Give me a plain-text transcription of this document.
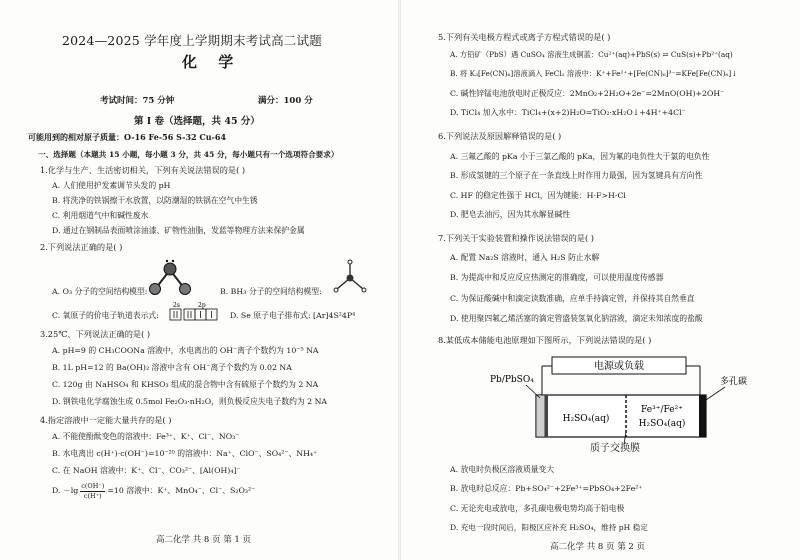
2024—2025 学年度上学期期末考试高二试题
化 学
考试时间：75 分钟	满分：100 分
第 Ⅰ 卷（选择题，共 45 分）
可能用到的相对原子质量：O-16 Fe-56 S-32 Cu-64
一、选择题（本题共 15 小题，每小题 3 分，共 45 分，每小题只有一个选项符合要求）
1.化学与生产、生活密切相关，下列有关说法错误的是( )
A. 人们使用护发素调节头发的 pH
B. 将洗净的铁锅擦干水放置，以防潮湿的铁锅在空气中生锈
C. 利用烟道气中和碱性废水
D. 通过在钢制品表面喷涂油漆、矿物性油脂，发蓝等物理方法来保护金属
2.下列说法正确的是( )
A. O₃ 分子的空间结构模型:	B. BH₃ 分子的空间结构模型:
C. 氧原子的价电子轨道表示式:
2s	2p
D. Se 原子电子排布式: [Ar]4S²4P⁴
3.25℃、下列说法正确的是( )
A. pH=9 的 CH₃COONa 溶液中，水电离出的 OH⁻离子个数约为 10⁻⁵ NA
B. 1L pH=12 的 Ba(OH)₂ 溶液中含有 OH⁻离子个数约为 0.02 NA
C. 120g 由 NaHSO₄ 和 KHSO₃ 组成的混合物中含有硫原子个数约为 2 NA
D. 钢铁电化学腐蚀生成 0.5mol Fe₂O₃·nH₂O，则负极反应失电子数约为 2 NA
4.指定溶液中一定能大量共存的是( )
A. 不能使酚酞变色的溶液中：Fe³⁺、K⁺、Cl⁻、NO₃⁻
B. 水电离出 c(H⁺)·c(OH⁻)=10⁻²⁰ 的溶液中：Na⁺、ClO⁻、SO₄²⁻、NH₄⁺
C. 在 NaOH 溶液中：K⁺、Cl⁻、CO₃²⁻、[Al(OH)₄]⁻
D. $-\lg \frac{c(OH^-)}{c(H^+)} =10$ 溶液中：K⁺、MnO₄⁻、Cl⁻、S₂O₃²⁻
高二化学 共 8 页 第 1 页
5.下列有关电极方程式或离子方程式错误的是( )
A. 方铅矿（PbS）遇 CuSO₄ 溶液生成铜蓝：Cu²⁺(aq)+PbS(s) ⇌ CuS(s)+Pb²⁺(aq)
B. 将 K₃[Fe(CN)₆]溶液滴入 FeCl₂ 溶液中：K⁺+Fe²⁺+[Fe(CN)₆]³⁻=KFe[Fe(CN)₆]↓
C. 碱性锌锰电池放电时正极反应：2MnO₂+2H₂O+2e⁻=2MnO(OH)+2OH⁻
D. TiCl₄ 加入水中：TiCl₄+(x+2)H₂O=TiO₂·xH₂O↓+4H⁺+4Cl⁻
6.下列说法及原因解释错误的是( )
A. 三氟乙酸的 pKa 小于三氯乙酸的 pKa，因为氟的电负性大于氯的电负性
B. 形成氢键的三个原子在一条直线上时作用力最强，因为氢键具有方向性
C. HF 的稳定性强于 HCl，因为键能：H-F>H-Cl
D. 肥皂去油污，因为其水解显碱性
7.下列关于实验装置和操作说法错误的是( )
A. 配置 Na₂S 溶液时，通入 H₂S 防止水解
B. 为提高中和反应反应热测定的准确度，可以使用温度传感器
C. 为保证酸碱中和滴定读数准确，应单手持滴定管，并保持其自然垂直
D. 使用聚四氟乙烯活塞的滴定管盛装氢氧化钠溶液，滴定未知浓度的盐酸
8.某低成本储能电池原理如下图所示，下列说法错误的是( )
电源或负载
H₂SO₄(aq)
Fe³⁺/Fe²⁺
H₂SO₄(aq)
Pb/PbSO₄	多孔碳
质子交换膜
A. 放电时负极区溶液质量变大
B. 放电时总反应：Pb+SO₄²⁻+2Fe³⁺=PbSO₄+2Fe²⁺
C. 无论充电或放电，多孔碳电极电势均高于铅电极
D. 充电一段时间后，阳极区应补充 H₂SO₄，维持 pH 稳定
高二化学 共 8 页 第 2 页
